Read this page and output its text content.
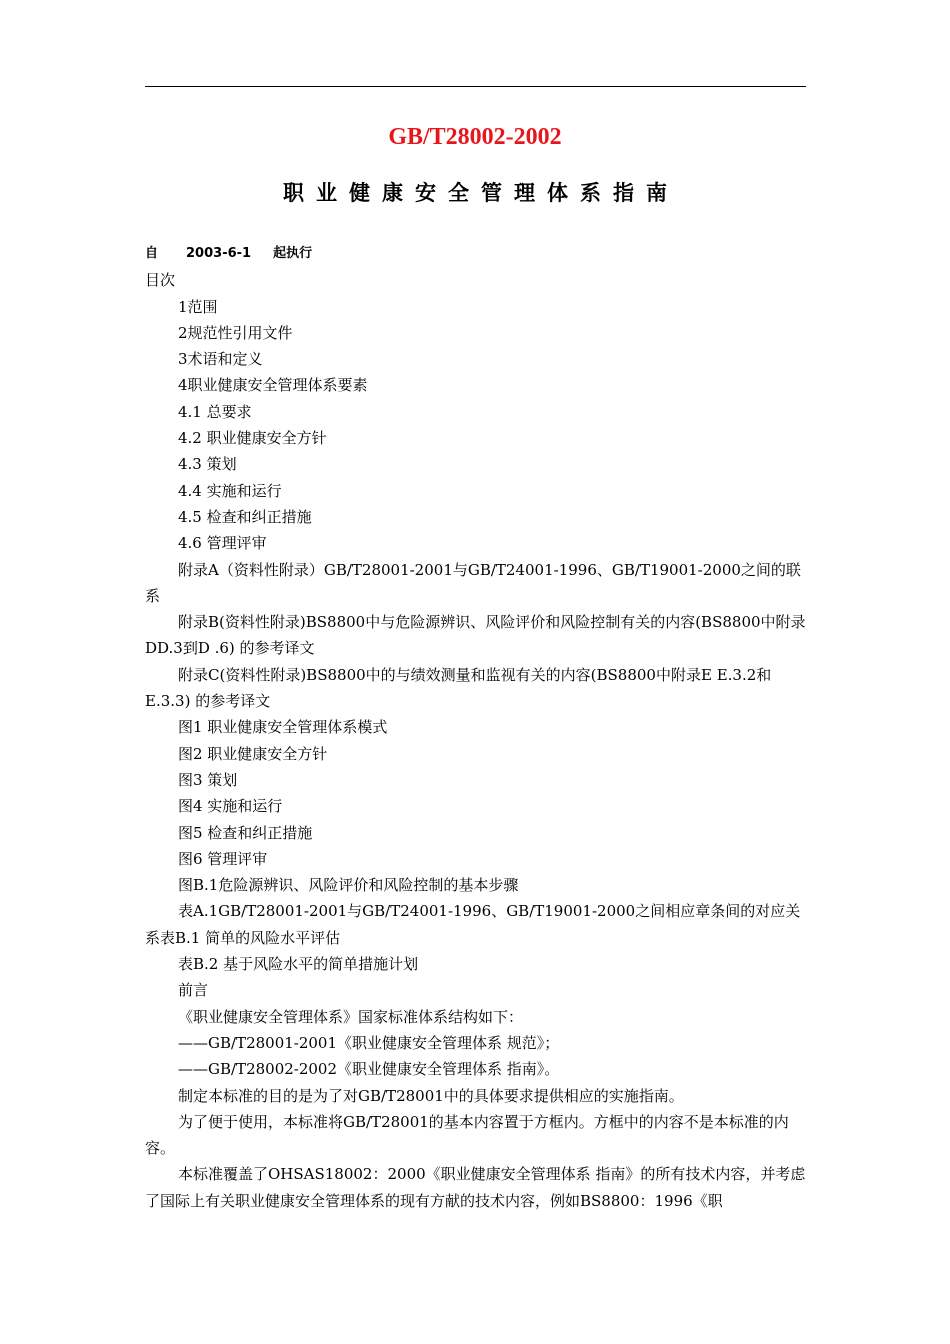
GB/T28002-2002
职业健康安全管理体系指南
自 2003-6-1 起执行
目次
1范围
2规范性引用文件
3术语和定义
4职业健康安全管理体系要素
4.1 总要求
4.2 职业健康安全方针
4.3 策划
4.4 实施和运行
4.5 检查和纠正措施
4.6 管理评审
附录A（资料性附录）GB/T28001-2001与GB/T24001-1996、GB/T19001-2000之间的联系
附录B(资料性附录)BS8800中与危险源辨识、风险评价和风险控制有关的内容(BS8800中附录DD.3到D .6) 的参考译文
附录C(资料性附录)BS8800中的与绩效测量和监视有关的内容(BS8800中附录E E.3.2和E.3.3) 的参考译文
图1 职业健康安全管理体系模式
图2 职业健康安全方针
图3 策划
图4 实施和运行
图5 检查和纠正措施
图6 管理评审
图B.1危险源辨识、风险评价和风险控制的基本步骤
表A.1GB/T28001-2001与GB/T24001-1996、GB/T19001-2000之间相应章条间的对应关系表B.1 简单的风险水平评估
表B.2 基于风险水平的简单措施计划
前言
《职业健康安全管理体系》国家标准体系结构如下：
——GB/T28001-2001《职业健康安全管理体系 规范》；
——GB/T28002-2002《职业健康安全管理体系 指南》。
制定本标准的目的是为了对GB/T28001中的具体要求提供相应的实施指南。
为了便于使用，本标准将GB/T28001的基本内容置于方框内。方框中的内容不是本标准的内容。
本标准覆盖了OHSAS18002：2000《职业健康安全管理体系 指南》的所有技术内容，并考虑了国际上有关职业健康安全管理体系的现有方献的技术内容，例如BS8800：1996《职
